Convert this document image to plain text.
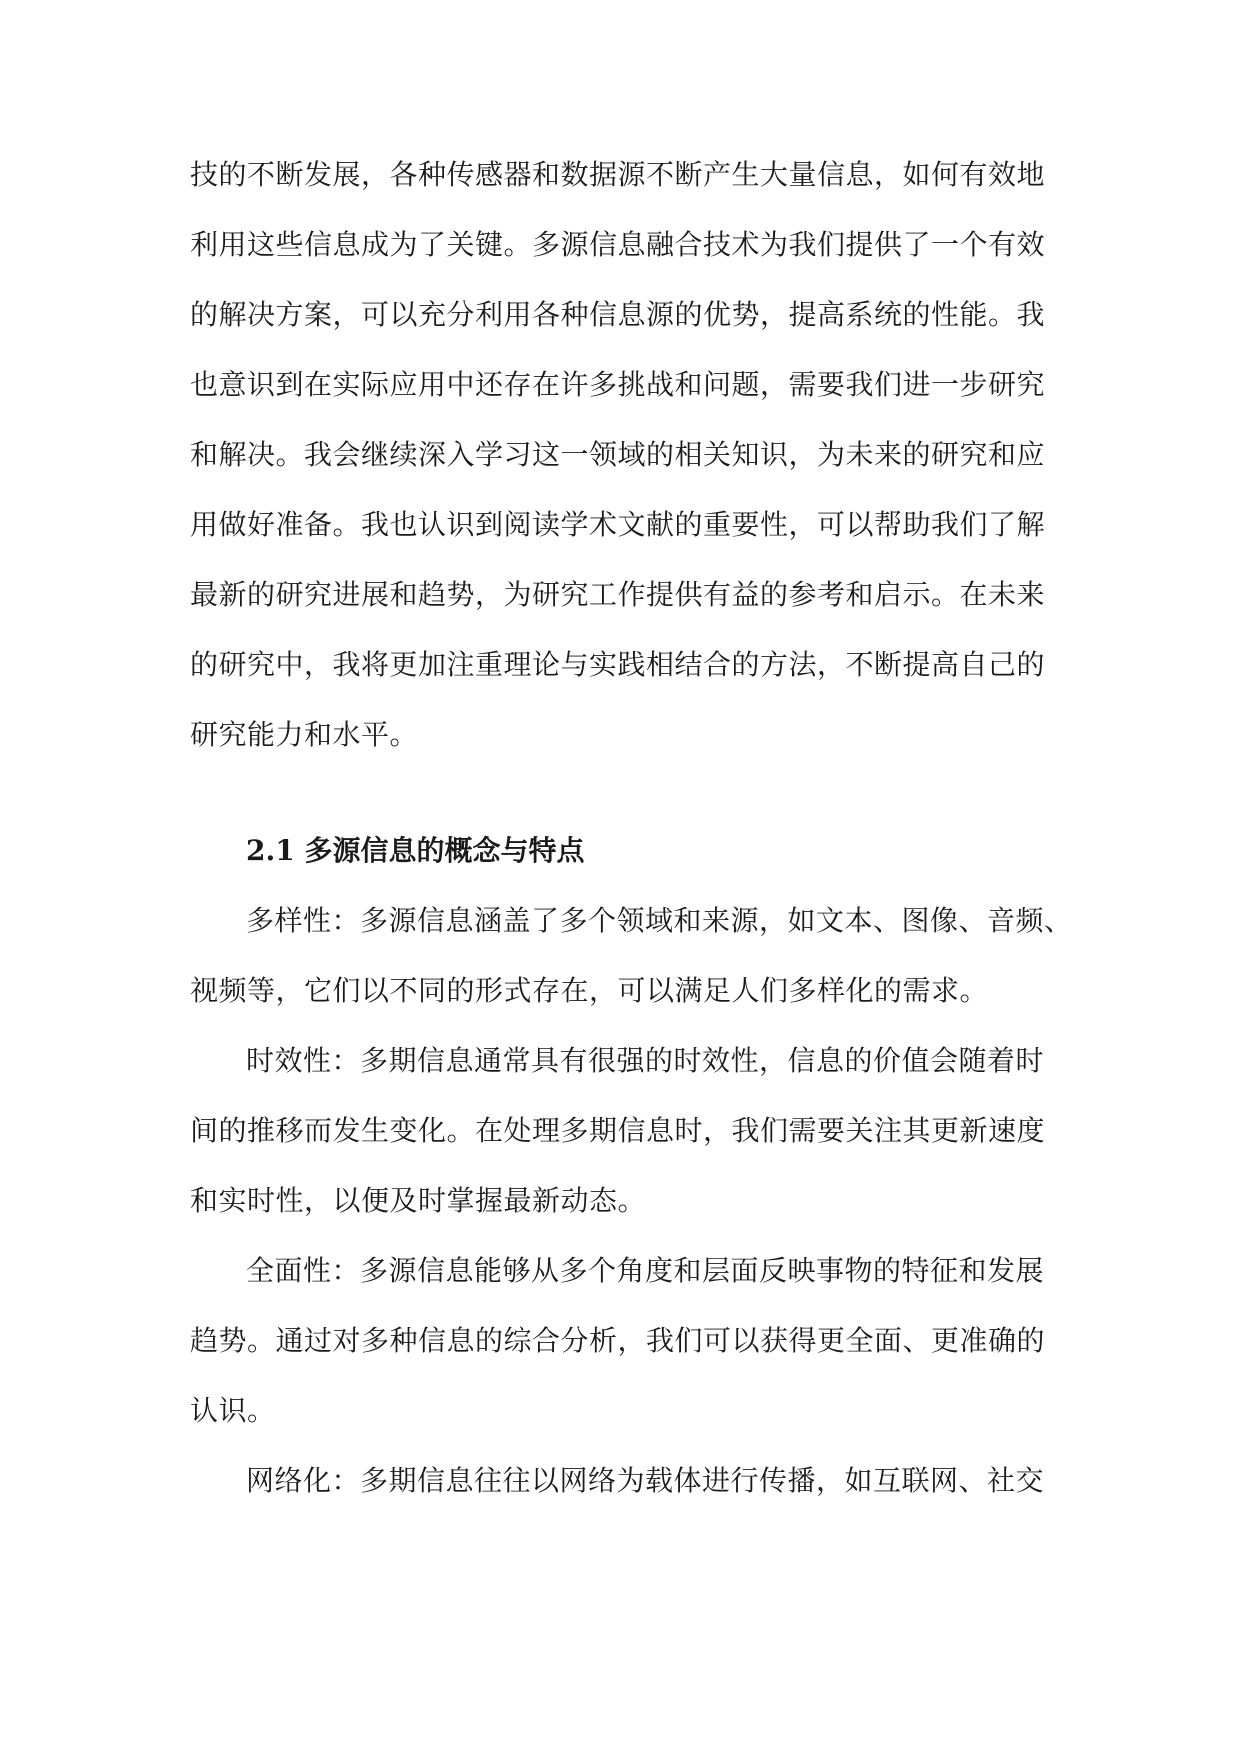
技的不断发展，各种传感器和数据源不断产生大量信息，如何有效地
利用这些信息成为了关键。多源信息融合技术为我们提供了一个有效
的解决方案，可以充分利用各种信息源的优势，提高系统的性能。我
也意识到在实际应用中还存在许多挑战和问题，需要我们进一步研究
和解决。我会继续深入学习这一领域的相关知识，为未来的研究和应
用做好准备。我也认识到阅读学术文献的重要性，可以帮助我们了解
最新的研究进展和趋势，为研究工作提供有益的参考和启示。在未来
的研究中，我将更加注重理论与实践相结合的方法，不断提高自己的
研究能力和水平。
2.1 多源信息的概念与特点
多样性：多源信息涵盖了多个领域和来源，如文本、图像、音频、
视频等，它们以不同的形式存在，可以满足人们多样化的需求。
时效性：多期信息通常具有很强的时效性，信息的价值会随着时
间的推移而发生变化。在处理多期信息时，我们需要关注其更新速度
和实时性，以便及时掌握最新动态。
全面性：多源信息能够从多个角度和层面反映事物的特征和发展
趋势。通过对多种信息的综合分析，我们可以获得更全面、更准确的
认识。
网络化：多期信息往往以网络为载体进行传播，如互联网、社交
